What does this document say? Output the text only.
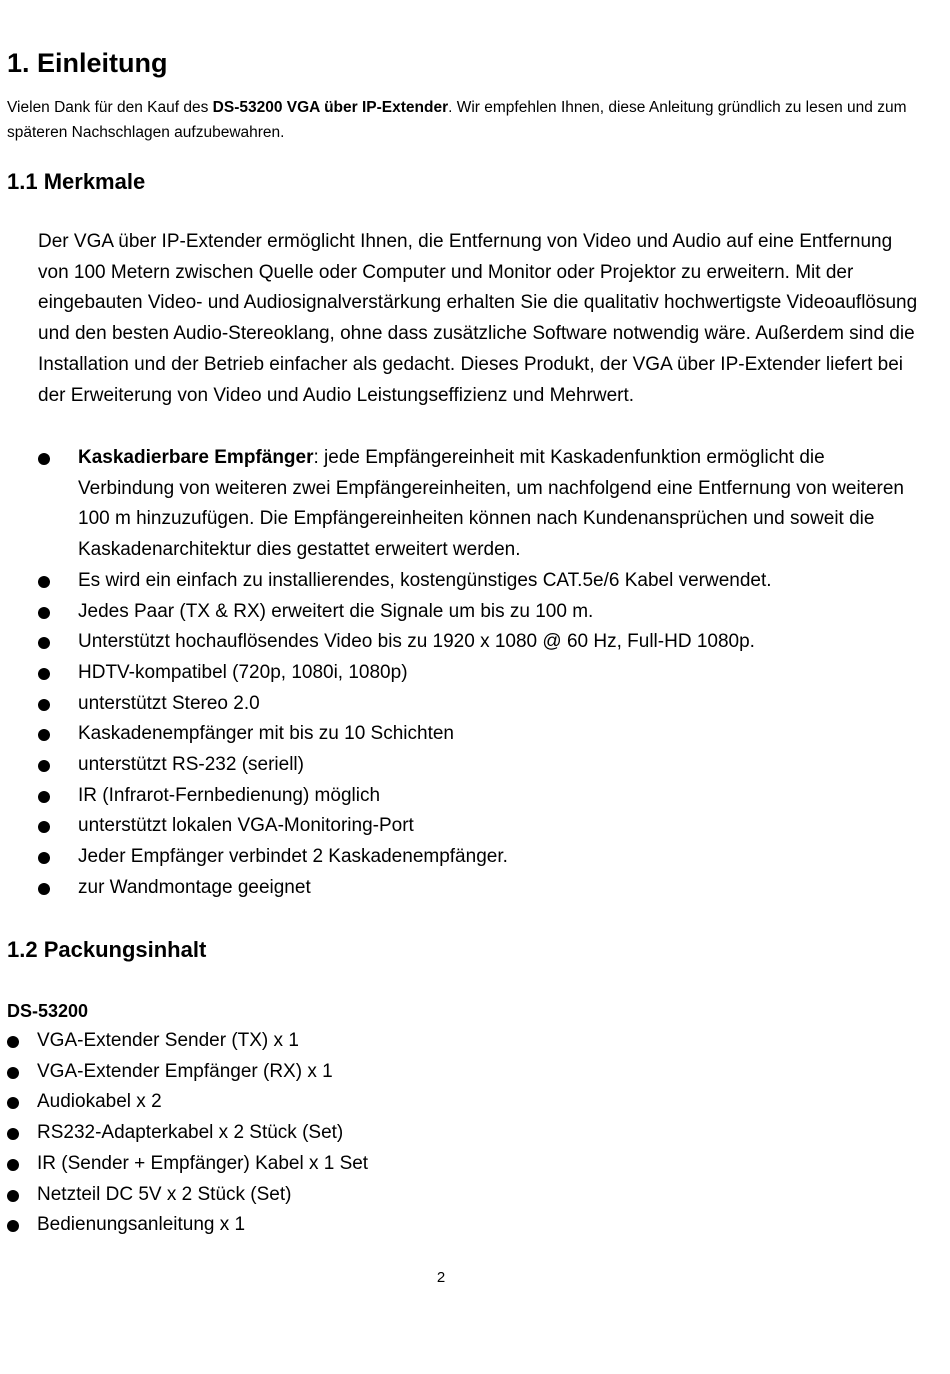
1. Einleitung

Vielen Dank für den Kauf des DS-53200 VGA über IP-Extender. Wir empfehlen Ihnen, diese Anleitung gründlich zu lesen und zum späteren Nachschlagen aufzubewahren.

1.1 Merkmale

Der VGA über IP-Extender ermöglicht Ihnen, die Entfernung von Video und Audio auf eine Entfernung von 100 Metern zwischen Quelle oder Computer und Monitor oder Projektor zu erweitern. Mit der eingebauten Video- und Audiosignalverstärkung erhalten Sie die qualitativ hochwertigste Videoauflösung und den besten Audio-Stereoklang, ohne dass zusätzliche Software notwendig wäre. Außerdem sind die Installation und der Betrieb einfacher als gedacht. Dieses Produkt, der VGA über IP-Extender liefert bei der Erweiterung von Video und Audio Leistungseffizienz und Mehrwert.

Kaskadierbare Empfänger: jede Empfängereinheit mit Kaskadenfunktion ermöglicht die Verbindung von weiteren zwei Empfängereinheiten, um nachfolgend eine Entfernung von weiteren 100 m hinzuzufügen. Die Empfängereinheiten können nach Kundenansprüchen und soweit die Kaskadenarchitektur dies gestattet erweitert werden.
Es wird ein einfach zu installierendes, kostengünstiges CAT.5e/6 Kabel verwendet.
Jedes Paar (TX & RX) erweitert die Signale um bis zu 100 m.
Unterstützt hochauflösendes Video bis zu 1920 x 1080 @ 60 Hz, Full-HD 1080p.
HDTV-kompatibel (720p, 1080i, 1080p)
unterstützt Stereo 2.0
Kaskadenempfänger mit bis zu 10 Schichten
unterstützt RS-232 (seriell)
IR (Infrarot-Fernbedienung) möglich
unterstützt lokalen VGA-Monitoring-Port
Jeder Empfänger verbindet 2 Kaskadenempfänger.
zur Wandmontage geeignet
1.2 Packungsinhalt

DS-53200

VGA-Extender Sender (TX) x 1
VGA-Extender Empfänger (RX) x 1
Audiokabel x 2
RS232-Adapterkabel x 2 Stück (Set)
IR (Sender + Empfänger) Kabel x 1 Set
Netzteil DC 5V x 2 Stück (Set)
Bedienungsanleitung x 1
2
